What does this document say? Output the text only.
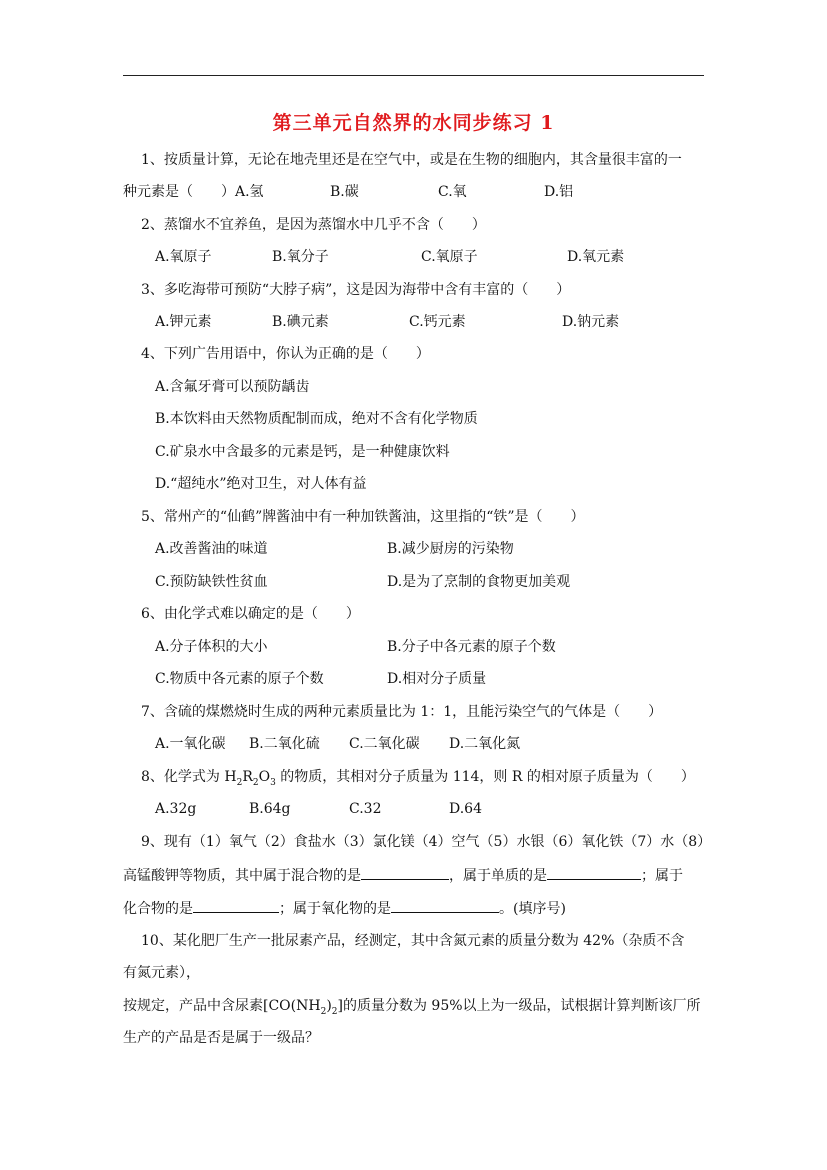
第三单元自然界的水同步练习 1
1、按质量计算，无论在地壳里还是在空气中，或是在生物的细胞内，其含量很丰富的一
种元素是（　　）A.氢	B.碳	C.氧	D.铝
2、蒸馏水不宜养鱼，是因为蒸馏水中几乎不含（　　）
A.氧原子	B.氧分子	C.氧原子	D.氧元素
3、多吃海带可预防“大脖子病”，这是因为海带中含有丰富的（　　）
A.钾元素	B.碘元素	C.钙元素	D.钠元素
4、下列广告用语中，你认为正确的是（　　）
A.含氟牙膏可以预防龋齿
B.本饮料由天然物质配制而成，绝对不含有化学物质
C.矿泉水中含最多的元素是钙，是一种健康饮料
D.“超纯水”绝对卫生，对人体有益
5、常州产的“仙鹤”牌酱油中有一种加铁酱油，这里指的“铁”是（　　）
A.改善酱油的味道	B.减少厨房的污染物
C.预防缺铁性贫血	D.是为了烹制的食物更加美观
6、由化学式难以确定的是（　　）
A.分子体积的大小	B.分子中各元素的原子个数
C.物质中各元素的原子个数	D.相对分子质量
7、含硫的煤燃烧时生成的两种元素质量比为 1：1，且能污染空气的气体是（　　）
A.一氧化碳 B.二氧化硫 C.二氧化碳 D.二氧化氮
8、化学式为 $H_2R_2O_3$ 的物质，其相对分子质量为 114，则 R 的相对原子质量为（　　）
A.32g	B.64g	C.32	D.64
9、现有（1）氧气（2）食盐水（3）氯化镁（4）空气（5）水银（6）氧化铁（7）水（8）
高锰酸钾等物质，其中属于混合物的是	，属于单质的是	；属于
化合物的是	；属于氧化物的是	。(填序号)
10、某化肥厂生产一批尿素产品，经测定，其中含氮元素的质量分数为 42%（杂质不含
有氮元素），
按规定，产品中含尿素$[CO(NH_2)_2]$的质量分数为 95%以上为一级品，试根据计算判断该厂所
生产的产品是否是属于一级品？
